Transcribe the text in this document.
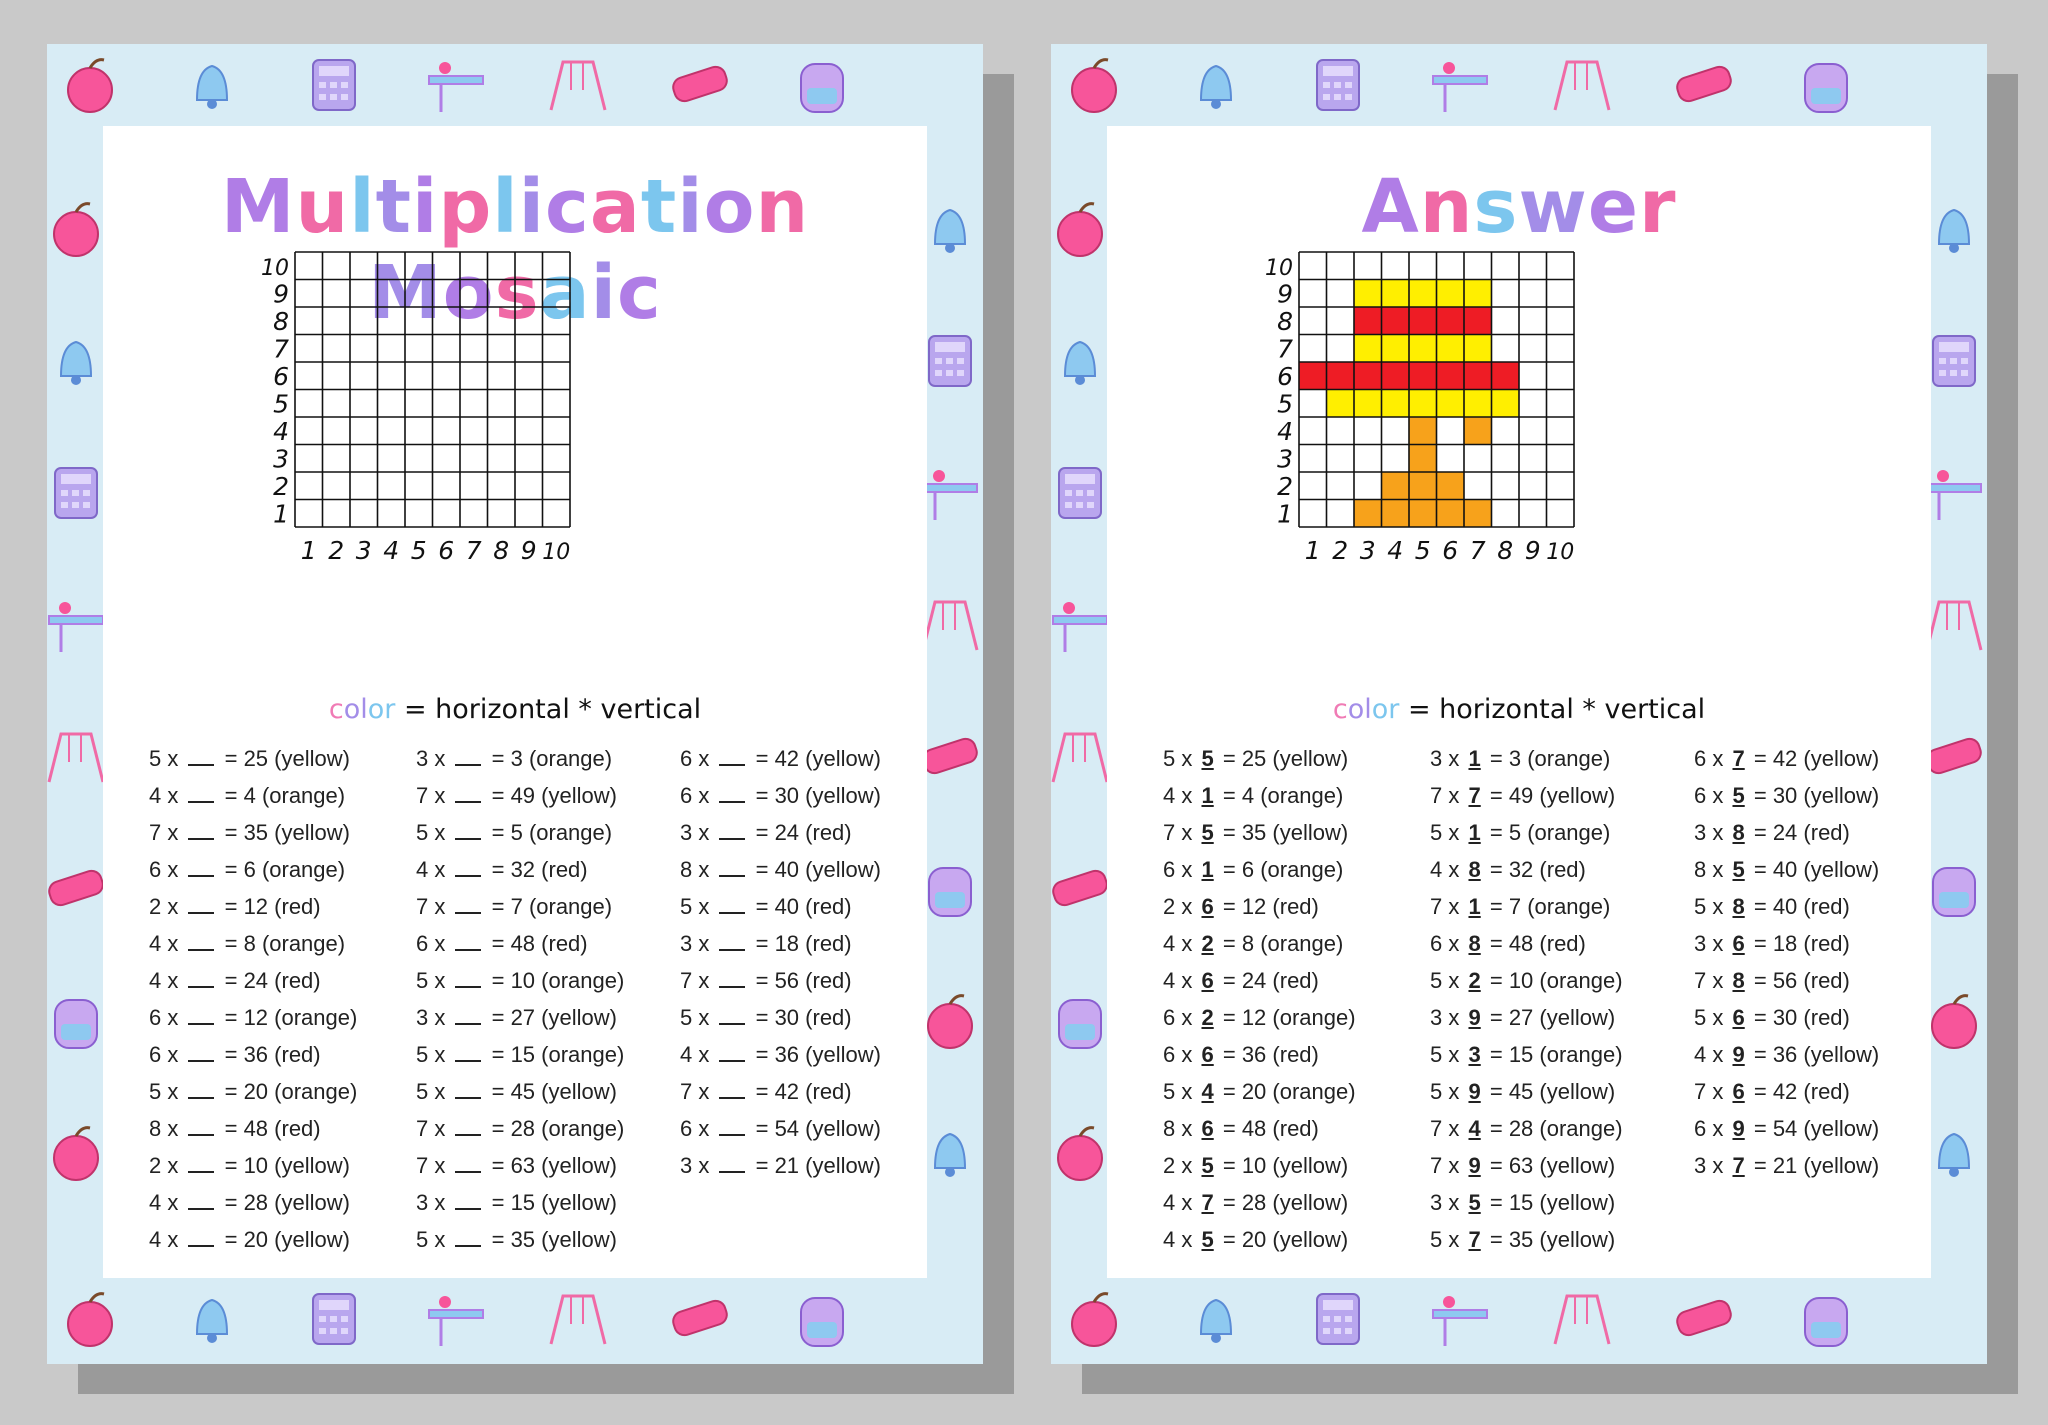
Multiplication Mosaic
1
1
2
2
3
3
4
4
5
5
6
6
7
7
8
8
9
9
10
10
color = horizontal * vertical
5 x  = 25 (yellow)
4 x  = 4 (orange)
7 x  = 35 (yellow)
6 x  = 6 (orange)
2 x  = 12 (red)
4 x  = 8 (orange)
4 x  = 24 (red)
6 x  = 12 (orange)
6 x  = 36 (red)
5 x  = 20 (orange)
8 x  = 48 (red)
2 x  = 10 (yellow)
4 x  = 28 (yellow)
4 x  = 20 (yellow)
3 x  = 3 (orange)
7 x  = 49 (yellow)
5 x  = 5 (orange)
4 x  = 32 (red)
7 x  = 7 (orange)
6 x  = 48 (red)
5 x  = 10 (orange)
3 x  = 27 (yellow)
5 x  = 15 (orange)
5 x  = 45 (yellow)
7 x  = 28 (orange)
7 x  = 63 (yellow)
3 x  = 15 (yellow)
5 x  = 35 (yellow)
6 x  = 42 (yellow)
6 x  = 30 (yellow)
3 x  = 24 (red)
8 x  = 40 (yellow)
5 x  = 40 (red)
3 x  = 18 (red)
7 x  = 56 (red)
5 x  = 30 (red)
4 x  = 36 (yellow)
7 x  = 42 (red)
6 x  = 54 (yellow)
3 x  = 21 (yellow)
Answer
1
1
2
2
3
3
4
4
5
5
6
6
7
7
8
8
9
9
10
10
color = horizontal * vertical
5 x 5 = 25 (yellow)
4 x 1 = 4 (orange)
7 x 5 = 35 (yellow)
6 x 1 = 6 (orange)
2 x 6 = 12 (red)
4 x 2 = 8 (orange)
4 x 6 = 24 (red)
6 x 2 = 12 (orange)
6 x 6 = 36 (red)
5 x 4 = 20 (orange)
8 x 6 = 48 (red)
2 x 5 = 10 (yellow)
4 x 7 = 28 (yellow)
4 x 5 = 20 (yellow)
3 x 1 = 3 (orange)
7 x 7 = 49 (yellow)
5 x 1 = 5 (orange)
4 x 8 = 32 (red)
7 x 1 = 7 (orange)
6 x 8 = 48 (red)
5 x 2 = 10 (orange)
3 x 9 = 27 (yellow)
5 x 3 = 15 (orange)
5 x 9 = 45 (yellow)
7 x 4 = 28 (orange)
7 x 9 = 63 (yellow)
3 x 5 = 15 (yellow)
5 x 7 = 35 (yellow)
6 x 7 = 42 (yellow)
6 x 5 = 30 (yellow)
3 x 8 = 24 (red)
8 x 5 = 40 (yellow)
5 x 8 = 40 (red)
3 x 6 = 18 (red)
7 x 8 = 56 (red)
5 x 6 = 30 (red)
4 x 9 = 36 (yellow)
7 x 6 = 42 (red)
6 x 9 = 54 (yellow)
3 x 7 = 21 (yellow)
